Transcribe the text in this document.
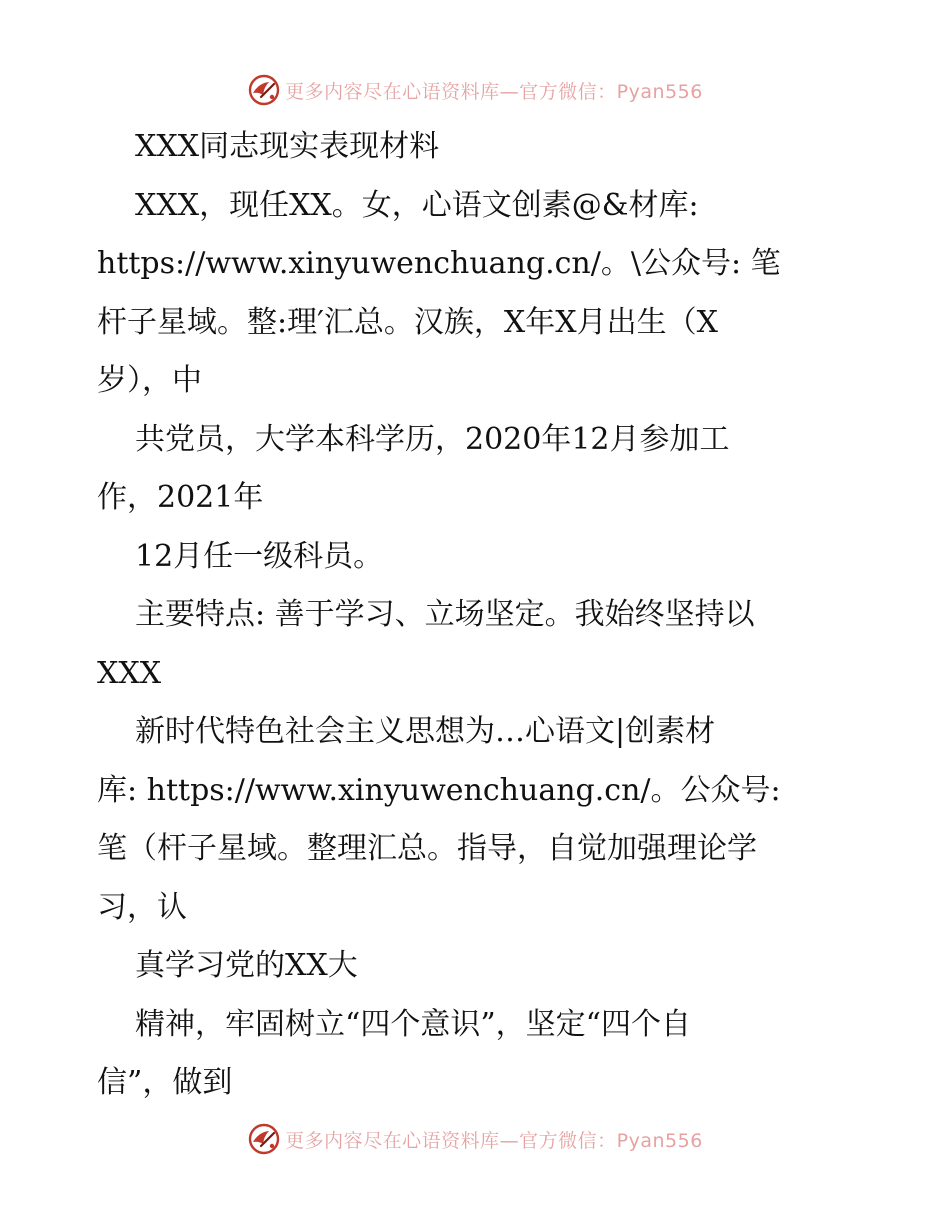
更多内容尽在心语资料库—官方微信：Pyan556
XXX同志现实表现材料
XXX，现任XX。女，心语文创素@&材库:
https://www.xinyuwenchuang.cn/。\公众号: 笔
杆子星域。整:理′汇总。汉族，X年X月出生（X
岁），中
共党员，大学本科学历，2020年12月参加工
作，2021年
12月任一级科员。
主要特点: 善于学习、立场坚定。我始终坚持以
XXX
新时代特色社会主义思想为…心语文|创素材
库: https://www.xinyuwenchuang.cn/。公众号:
笔（杆子星域。整理汇总。指导，自觉加强理论学
习，认
真学习党的XX大
精神，牢固树立“四个意识”，坚定“四个自
信”，做到
更多内容尽在心语资料库—官方微信：Pyan556
